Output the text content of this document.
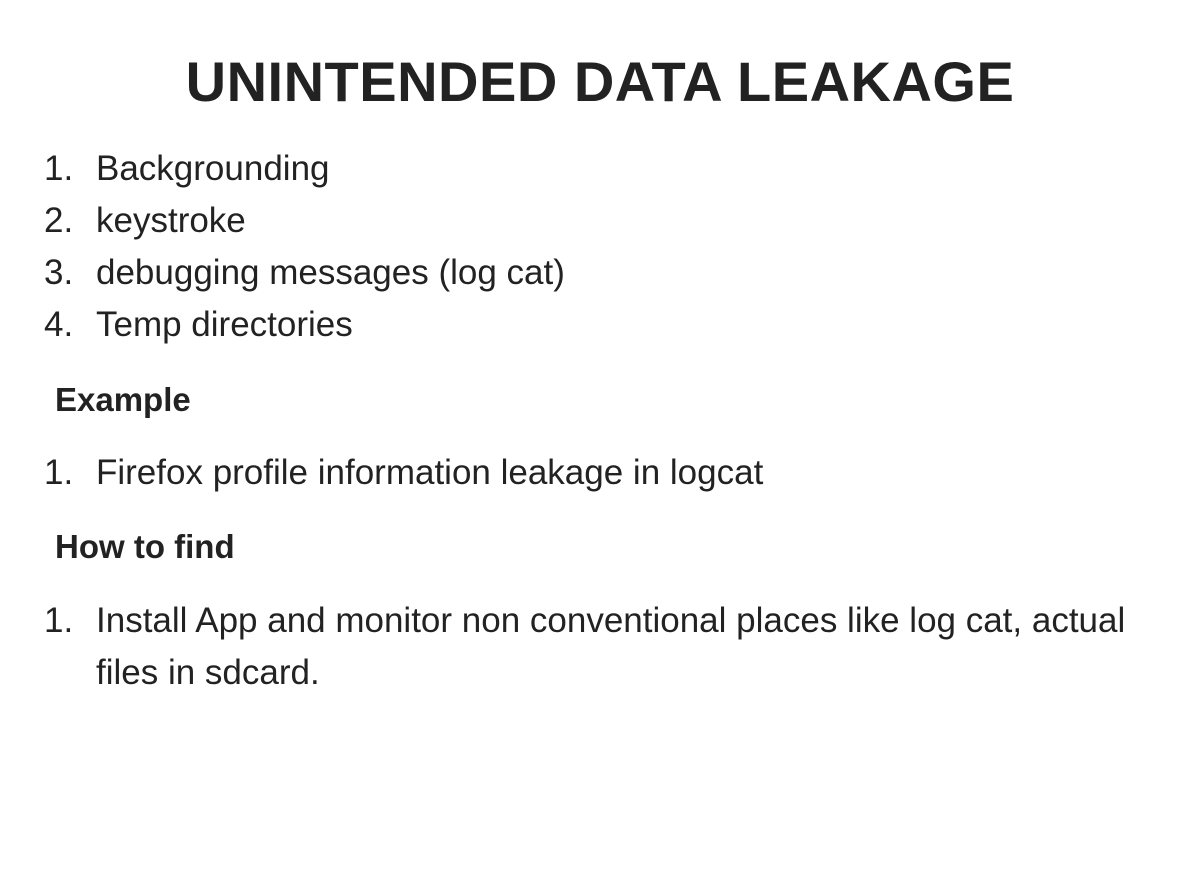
UNINTENDED DATA LEAKAGE
1. Backgrounding
2. keystroke
3. debugging messages (log cat)
4. Temp directories
Example
1. Firefox profile information leakage in logcat
How to find
1. Install App and monitor non conventional places like log cat, actual files in sdcard.
